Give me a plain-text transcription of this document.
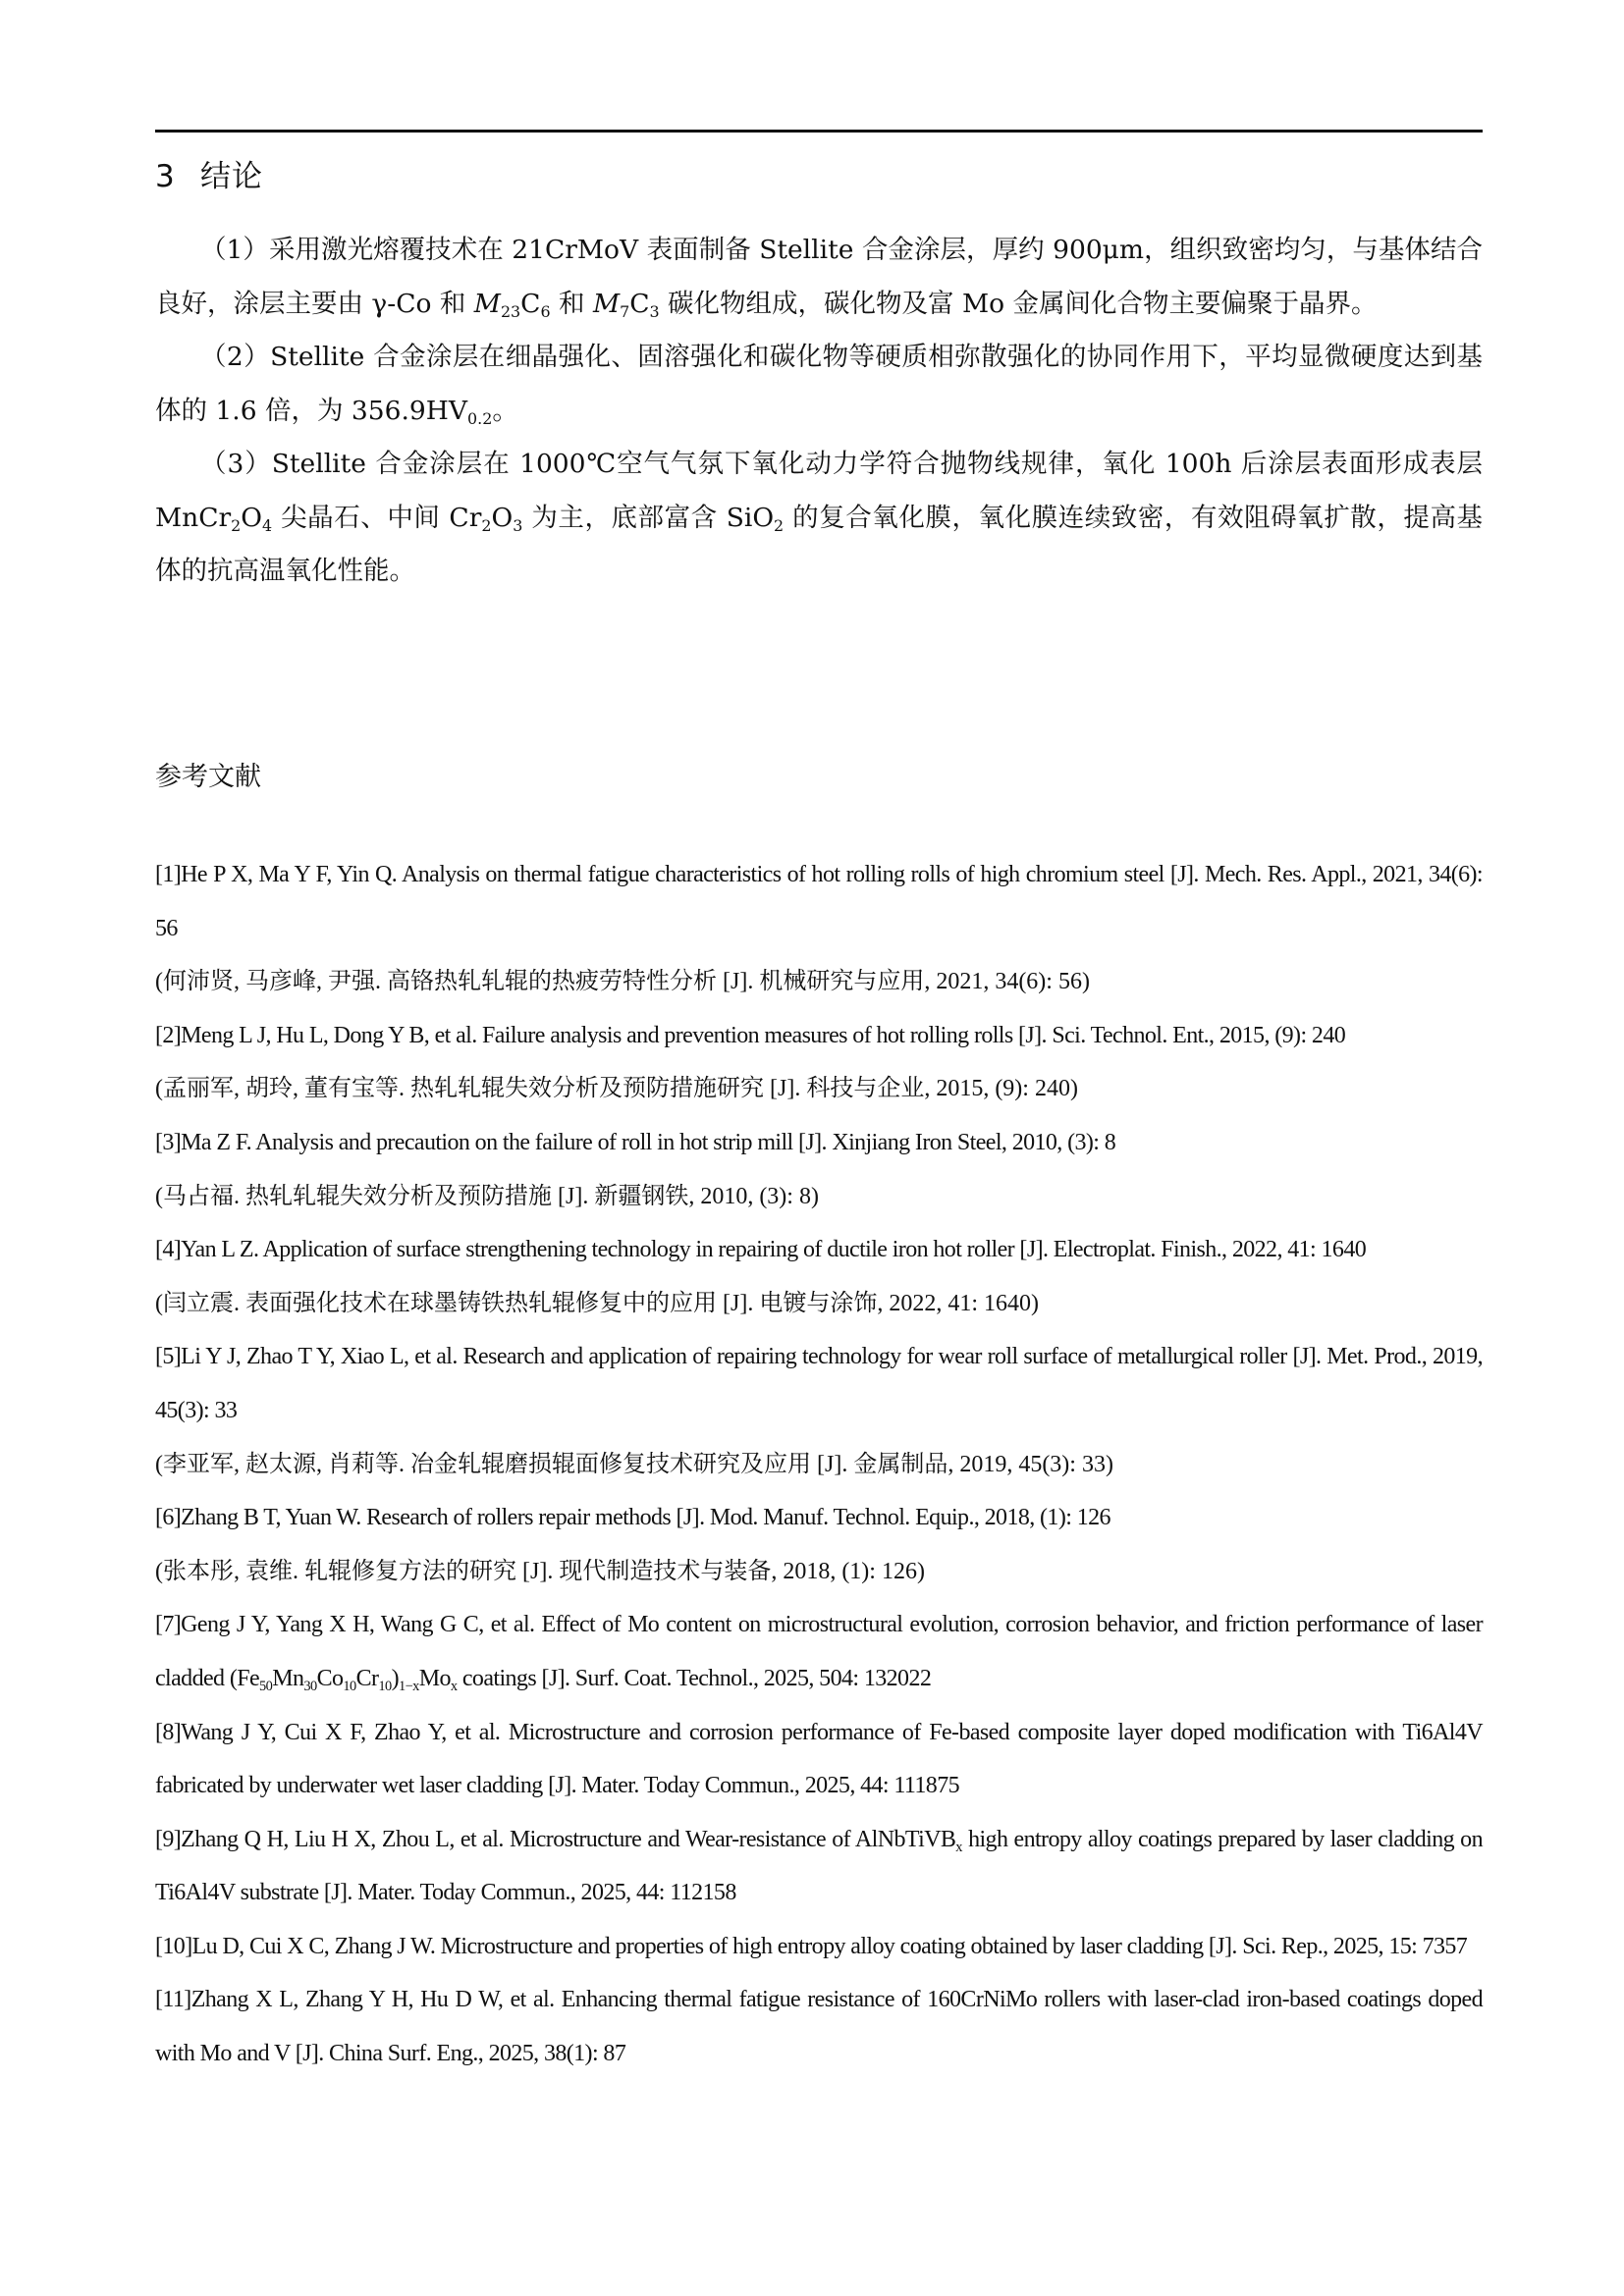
3 结论

（1）采用激光熔覆技术在 21CrMoV 表面制备 Stellite 合金涂层，厚约 900μm，组织致密均匀，与基体结合良好，涂层主要由 γ-Co 和 $M_{23}C_6$ 和 $M_7C_3$ 碳化物组成，碳化物及富 Mo 金属间化合物主要偏聚于晶界。

（2）Stellite 合金涂层在细晶强化、固溶强化和碳化物等硬质相弥散强化的协同作用下，平均显微硬度达到基体的 1.6 倍，为 $356.9HV_{0.2}$。

（3）Stellite 合金涂层在 1000℃空气气氛下氧化动力学符合抛物线规律，氧化 100h 后涂层表面形成表层 $MnCr_2O_4$ 尖晶石、中间 $Cr_2O_3$ 为主，底部富含 SiO$_2$ 的复合氧化膜，氧化膜连续致密，有效阻碍氧扩散，提高基体的抗高温氧化性能。

参考文献

[1]He P X, Ma Y F, Yin Q. Analysis on thermal fatigue characteristics of hot rolling rolls of high chromium steel [J]. Mech. Res. Appl., 2021, 34(6): 56

(何沛贤, 马彦峰, 尹强. 高铬热轧轧辊的热疲劳特性分析 [J]. 机械研究与应用, 2021, 34(6): 56)

[2]Meng L J, Hu L, Dong Y B, et al. Failure analysis and prevention measures of hot rolling rolls [J]. Sci. Technol. Ent., 2015, (9): 240

(孟丽军, 胡玲, 董有宝等. 热轧轧辊失效分析及预防措施研究 [J]. 科技与企业, 2015, (9): 240)

[3]Ma Z F. Analysis and precaution on the failure of roll in hot strip mill [J]. Xinjiang Iron Steel, 2010, (3): 8

(马占福. 热轧轧辊失效分析及预防措施 [J]. 新疆钢铁, 2010, (3): 8)

[4]Yan L Z. Application of surface strengthening technology in repairing of ductile iron hot roller [J]. Electroplat. Finish., 2022, 41: 1640

(闫立震. 表面强化技术在球墨铸铁热轧辊修复中的应用 [J]. 电镀与涂饰, 2022, 41: 1640)

[5]Li Y J, Zhao T Y, Xiao L, et al. Research and application of repairing technology for wear roll surface of metallurgical roller [J]. Met. Prod., 2019, 45(3): 33

(李亚军, 赵太源, 肖莉等. 冶金轧辊磨损辊面修复技术研究及应用 [J]. 金属制品, 2019, 45(3): 33)

[6]Zhang B T, Yuan W. Research of rollers repair methods [J]. Mod. Manuf. Technol. Equip., 2018, (1): 126

(张本彤, 袁维. 轧辊修复方法的研究 [J]. 现代制造技术与装备, 2018, (1): 126)

[7]Geng J Y, Yang X H, Wang G C, et al. Effect of Mo content on microstructural evolution, corrosion behavior, and friction performance of laser cladded $(Fe_{50}Mn_{30}Co_{10}Cr_{10})_{1-x}Mo_x$ coatings [J]. Surf. Coat. Technol., 2025, 504: 132022

[8]Wang J Y, Cui X F, Zhao Y, et al. Microstructure and corrosion performance of Fe-based composite layer doped modification with Ti6Al4V fabricated by underwater wet laser cladding [J]. Mater. Today Commun., 2025, 44: 111875

[9]Zhang Q H, Liu H X, Zhou L, et al. Microstructure and Wear-resistance of AlNbTiVB$_x$ high entropy alloy coatings prepared by laser cladding on Ti6Al4V substrate [J]. Mater. Today Commun., 2025, 44: 112158

[10]Lu D, Cui X C, Zhang J W. Microstructure and properties of high entropy alloy coating obtained by laser cladding [J]. Sci. Rep., 2025, 15: 7357

[11]Zhang X L, Zhang Y H, Hu D W, et al. Enhancing thermal fatigue resistance of 160CrNiMo rollers with laser-clad iron-based coatings doped with Mo and V [J]. China Surf. Eng., 2025, 38(1): 87
